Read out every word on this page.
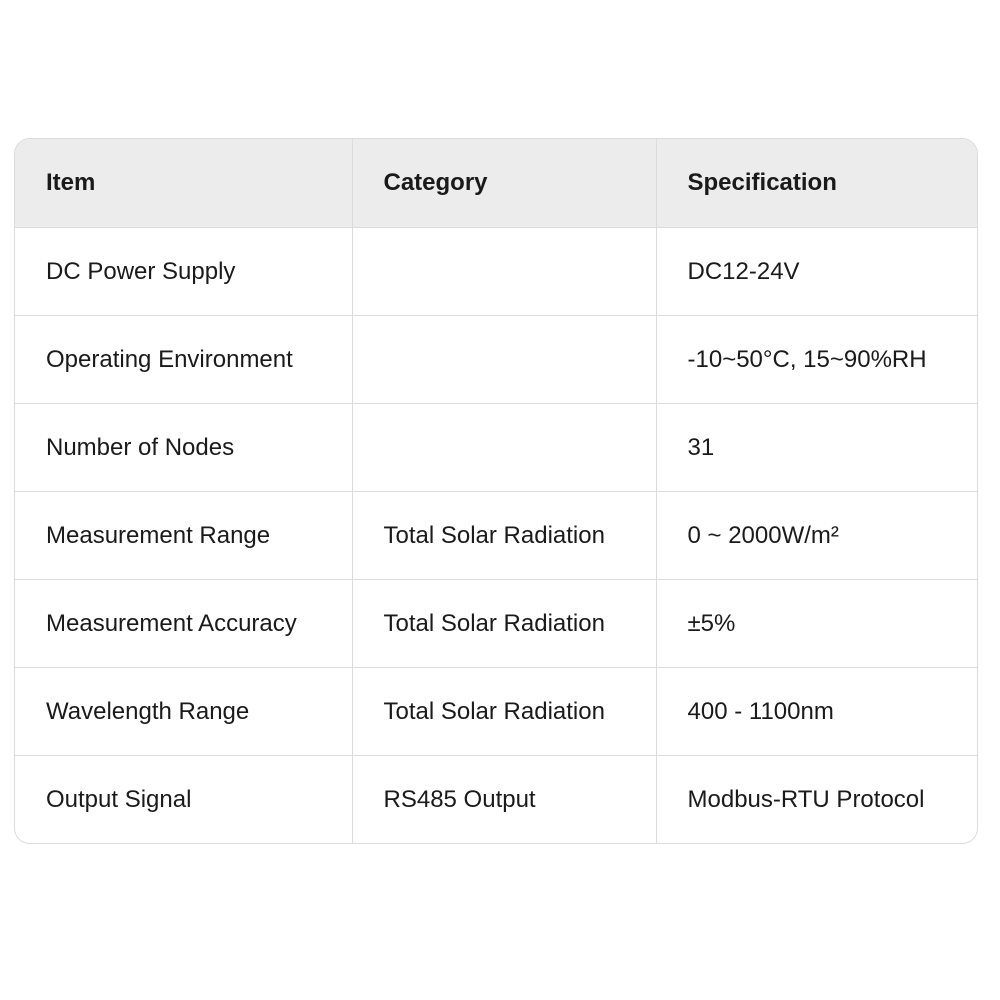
Item	Category	Specification
DC Power Supply		DC12-24V
Operating Environment		-10~50°C, 15~90%RH
Number of Nodes		31
Measurement Range	Total Solar Radiation	0 ~ 2000W/m²
Measurement Accuracy	Total Solar Radiation	±5%
Wavelength Range	Total Solar Radiation	400 - 1100nm
Output Signal	RS485 Output	Modbus-RTU Protocol
